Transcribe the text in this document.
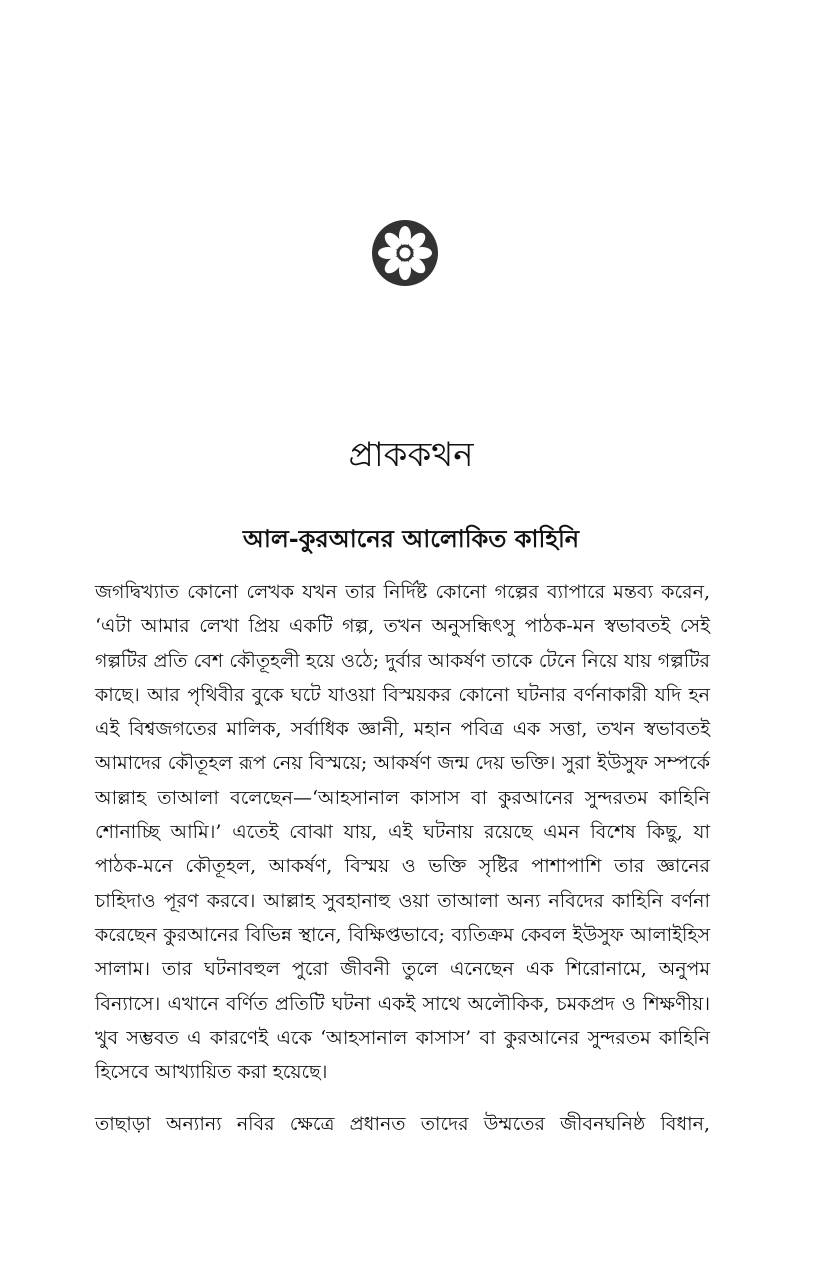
প্রাককথন
আল-কুরআনের আলোকিত কাহিনি

জগদ্বিখ্যাত কোনো লেখক যখন তার নির্দিষ্ট কোনো গল্পের ব্যাপারে মন্তব্য করেন, ‘এটা আমার লেখা প্রিয় একটি গল্প, তখন অনুসন্ধিৎসু পাঠক-মন স্বভাবতই সেই গল্পটির প্রতি বেশ কৌতূহলী হয়ে ওঠে; দুর্বার আকর্ষণ তাকে টেনে নিয়ে যায় গল্পটির কাছে। আর পৃথিবীর বুকে ঘটে যাওয়া বিস্ময়কর কোনো ঘটনার বর্ণনাকারী যদি হন এই বিশ্বজগতের মালিক, সর্বাধিক জ্ঞানী, মহান পবিত্র এক সত্তা, তখন স্বভাবতই আমাদের কৌতূহল রূপ নেয় বিস্ময়ে; আকর্ষণ জন্ম দেয় ভক্তি। সুরা ইউসুফ সম্পর্কে আল্লাহ তাআলা বলেছেন—‘আহসানাল কাসাস বা কুরআনের সুন্দরতম কাহিনি শোনাচ্ছি আমি।’ এতেই বোঝা যায়, এই ঘটনায় রয়েছে এমন বিশেষ কিছু, যা পাঠক-মনে কৌতূহল, আকর্ষণ, বিস্ময় ও ভক্তি সৃষ্টির পাশাপাশি তার জ্ঞানের চাহিদাও পূরণ করবে। আল্লাহ সুবহানাহু ওয়া তাআলা অন্য নবিদের কাহিনি বর্ণনা করেছেন কুরআনের বিভিন্ন স্থানে, বিক্ষিপ্তভাবে; ব্যতিক্রম কেবল ইউসুফ আলাইহিস সালাম। তার ঘটনাবহুল পুরো জীবনী তুলে এনেছেন এক শিরোনামে, অনুপম বিন্যাসে। এখানে বর্ণিত প্রতিটি ঘটনা একই সাথে অলৌকিক, চমকপ্রদ ও শিক্ষণীয়। খুব সম্ভবত এ কারণেই একে ‘আহসানাল কাসাস’ বা কুরআনের সুন্দরতম কাহিনি হিসেবে আখ্যায়িত করা হয়েছে।

তাছাড়া অন্যান্য নবির ক্ষেত্রে প্রধানত তাদের উম্মতের জীবনঘনিষ্ঠ বিধান,
